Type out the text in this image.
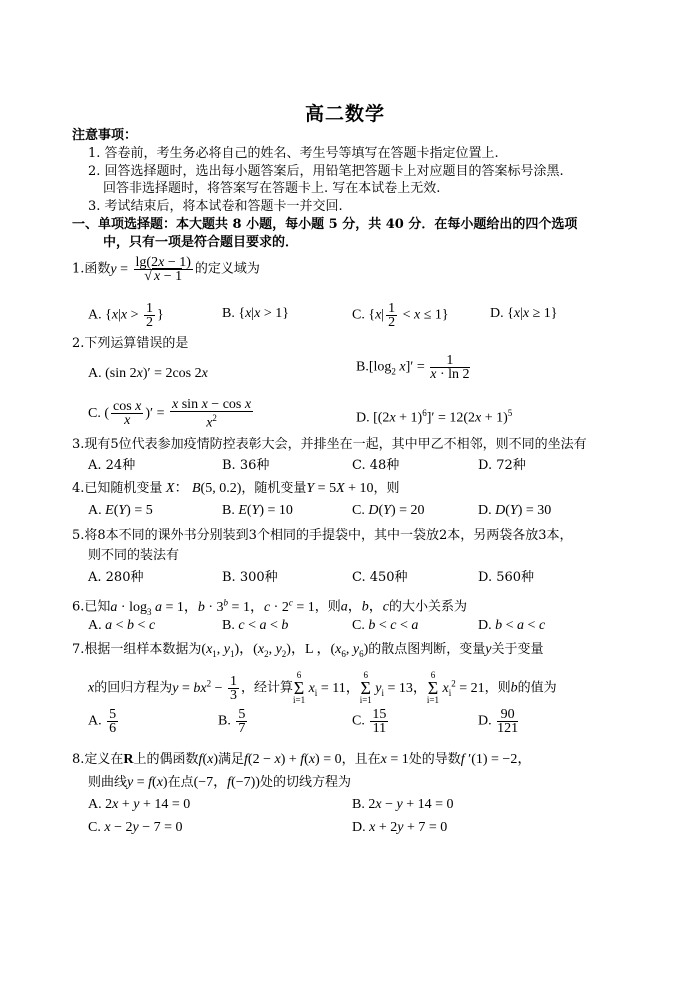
高二数学
注意事项：
1. 答卷前，考生务必将自己的姓名、考生号等填写在答题卡指定位置上.
2. 回答选择题时，选出每小题答案后，用铅笔把答题卡上对应题目的答案标号涂黑.
回答非选择题时，将答案写在答题卡上. 写在本试卷上无效.
3. 考试结束后，将本试卷和答题卡一并交回.
一、单项选择题：本大题共 8 小题，每小题 5 分，共 40 分．在每小题给出的四个选项
中，只有一项是符合题目要求的．
1.函数$y = \frac{\lg(2x - 1)}{√ x - 1}$ 的定义域为
A. {$x|x > \frac{1}{2}$ }	B. {x|x > 1}	C. $\{x| \frac{1}{2} < x \le 1\}$	D. {x|x ≥ 1}
2.下列运算错误的是
A. (sin 2x)′ = 2cos 2x	$B.[\log_2$ $x]' = \frac{1}{x \cdot \ln 2}$
C. ( $\frac{\text{cos x}}{x}$ )′ = $\frac{\text{x sin x − cos x}}{x^2}$	D. $[(2x + 1)^6]' = 12(2x + 1)^5$
3.现有5位代表参加疫情防控表彰大会，并排坐在一起，其中甲乙不相邻，则不同的坐法有
A. 24种	B. 36种	C. 48种	D. 72种
4.已知随机变量 X： B(5, 0.2)，随机变量Y = 5X + 10，则
A. E(Y) = 5	B. E(Y) = 10	C. D(Y) = 20	D. D(Y) = 30
5.将8本不同的课外书分别装到3个相同的手提袋中，其中一袋放2本，另两袋各放3本，
则不同的装法有
A. 280种	B. 300种	C. 450种	D. 560种
6.已知$a \cdot \log_3 a = 1$，$b \cdot 3^b = 1$，$c \cdot 2^c = 1$，则a，b，c的大小关系为
A. a < b < c	B. c < a < b	C. b < c < a	D. b < a < c
7.根据一组样本数据为($x_1$, $y_1$)，($x_2$, $y_2$)，L ，($x_6$, $y_6$)的散点图判断，变量y关于变量
x的回归方程为$y = bx^2 - \frac{1}{3}$ ，经计算6
Σ
i=1 $x_i = 11$，6
Σ
i=1 $y_i = 13$，6
Σ
i=1 $x_i^2 = 21$，则b的值为
A. $\frac{5}{6}$	B. $\frac{5}{7}$	C. $\frac{15}{11}$	D. $\frac{90}{121}$
8.定义在R上的偶函数f(x)满足f(2 − x) + f(x) = 0，且在x = 1处的导数f ′(1) = −2，
则曲线y = f(x)在点(−7，f(−7))处的切线方程为
A. 2x + y + 14 = 0	B. 2x − y + 14 = 0
C. x − 2y − 7 = 0	D. x + 2y + 7 = 0
